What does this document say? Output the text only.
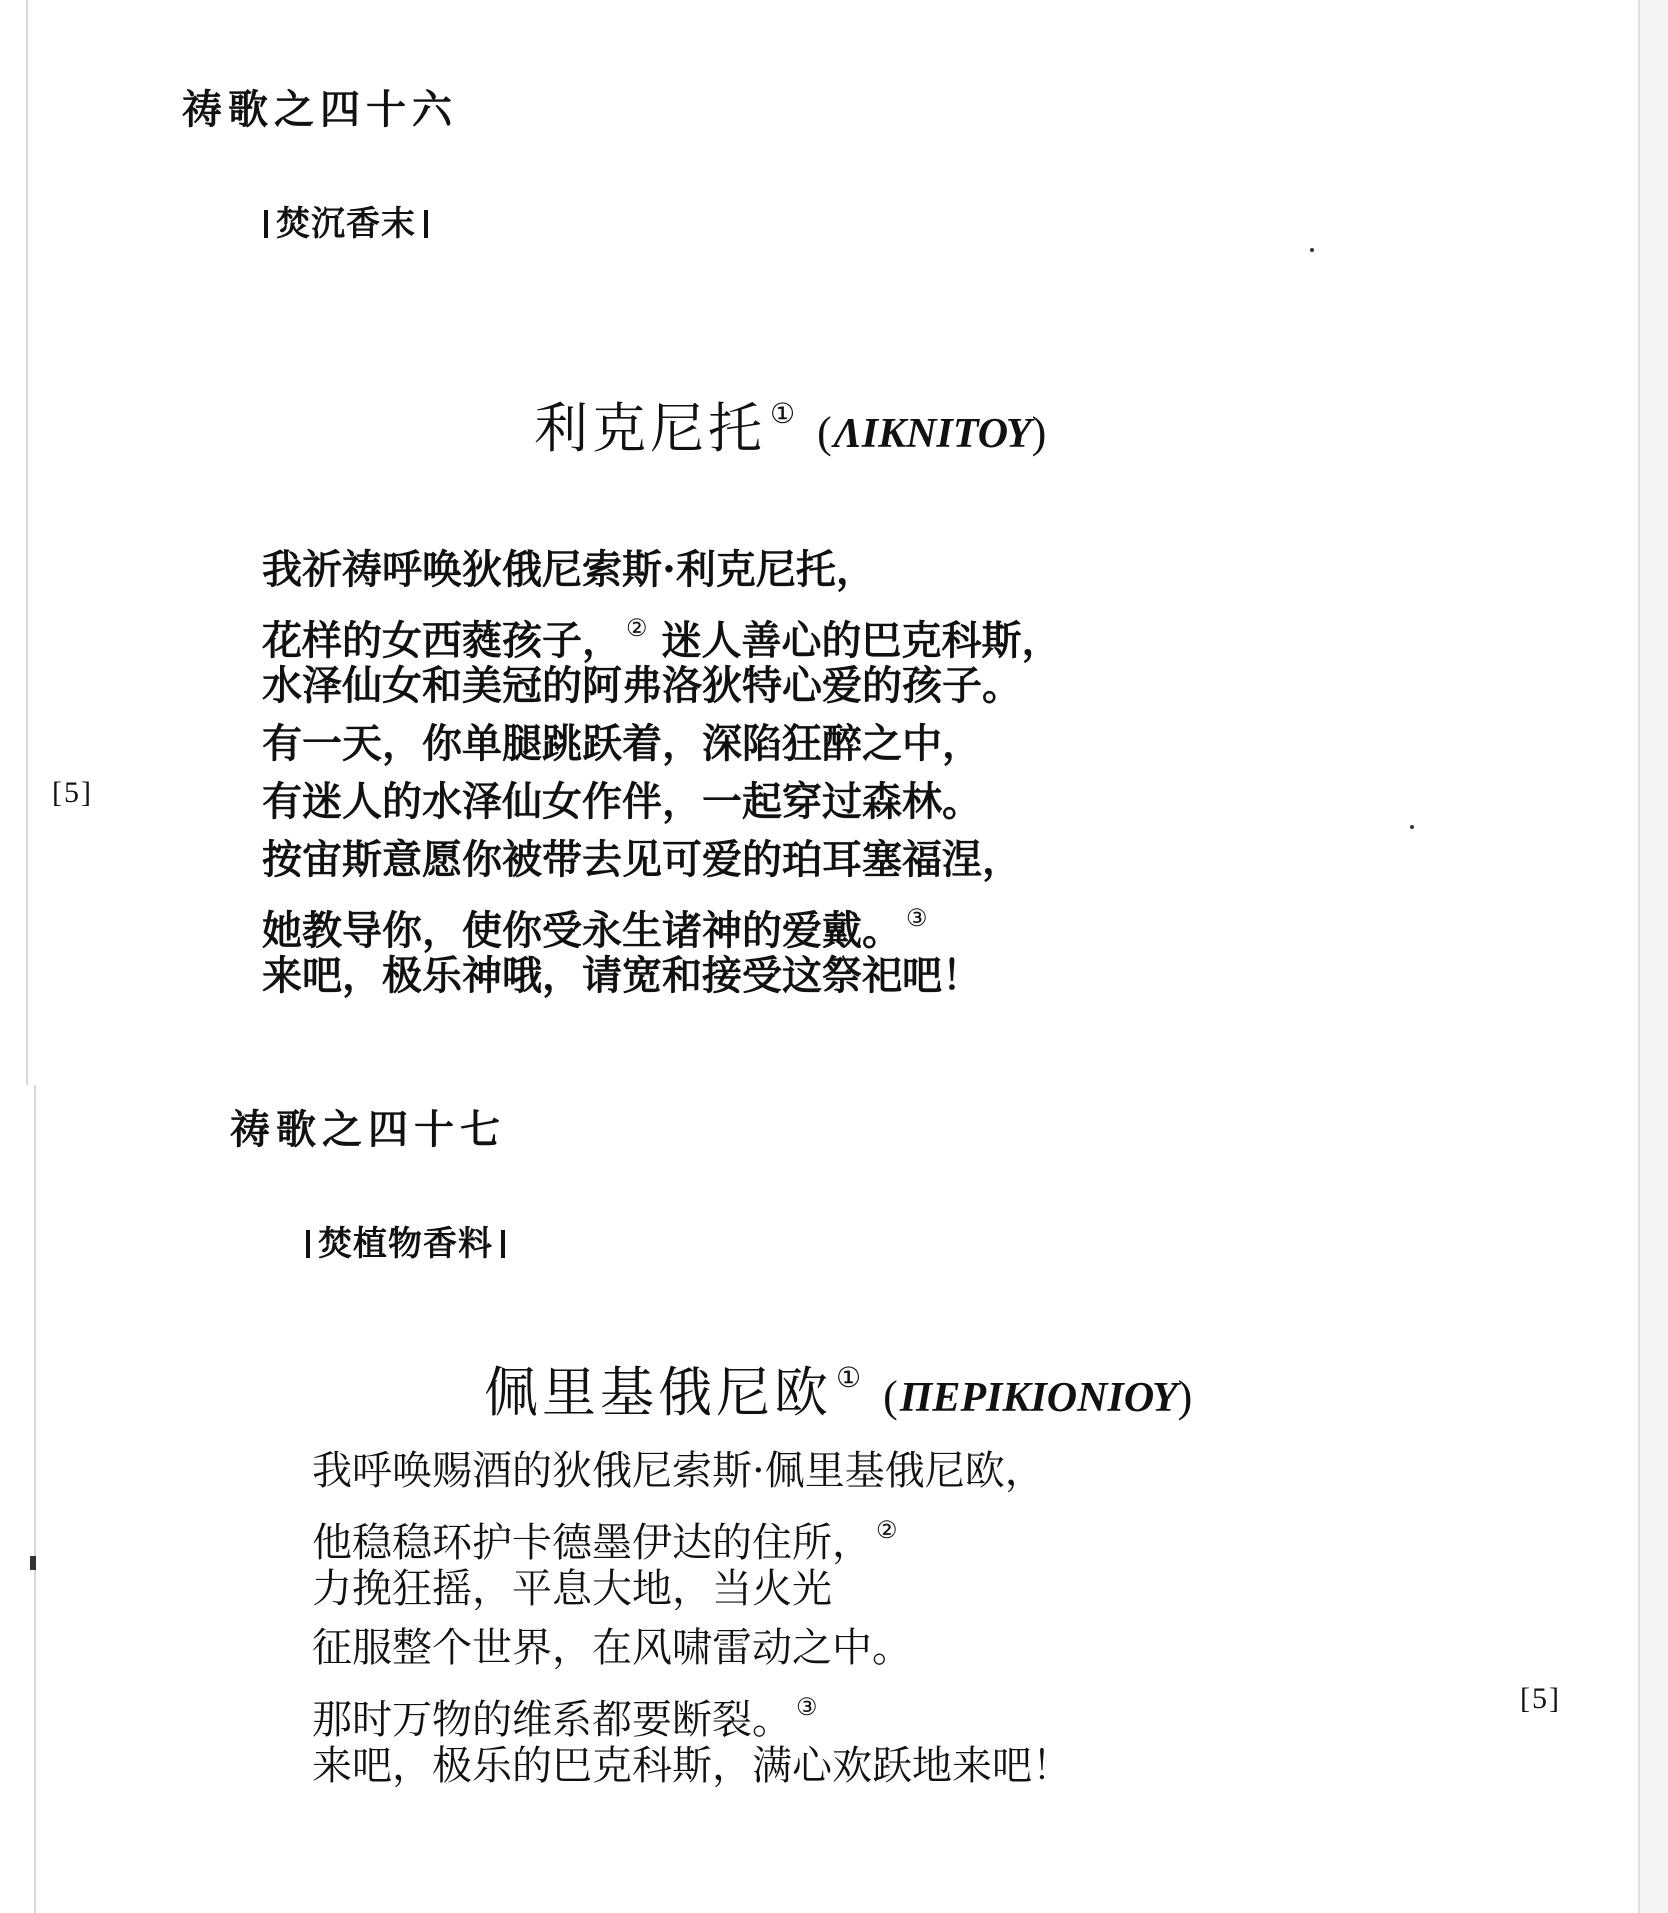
祷歌之四十六
焚沉香末
利克尼托 ① (ΛΙΚΝΙΤΟΥ)
我祈祷呼唤狄俄尼索斯·利克尼托，
花样的女西蕤孩子， ② 迷人善心的巴克科斯，
水泽仙女和美冠的阿弗洛狄特心爱的孩子。
有一天，你单腿跳跃着，深陷狂醉之中，
有迷人的水泽仙女作伴，一起穿过森林。
按宙斯意愿你被带去见可爱的珀耳塞福涅，
她教导你，使你受永生诸神的爱戴。 ③
来吧，极乐神哦，请宽和接受这祭祀吧！
[5]
祷歌之四十七
焚植物香料
佩里基俄尼欧 ① (ΠΕΡΙΚΙΟΝΙΟΥ)
我呼唤赐酒的狄俄尼索斯·佩里基俄尼欧，
他稳稳环护卡德墨伊达的住所， ②
力挽狂摇，平息大地，当火光
征服整个世界，在风啸雷动之中。
那时万物的维系都要断裂。 ③
来吧，极乐的巴克科斯，满心欢跃地来吧！
[5]
